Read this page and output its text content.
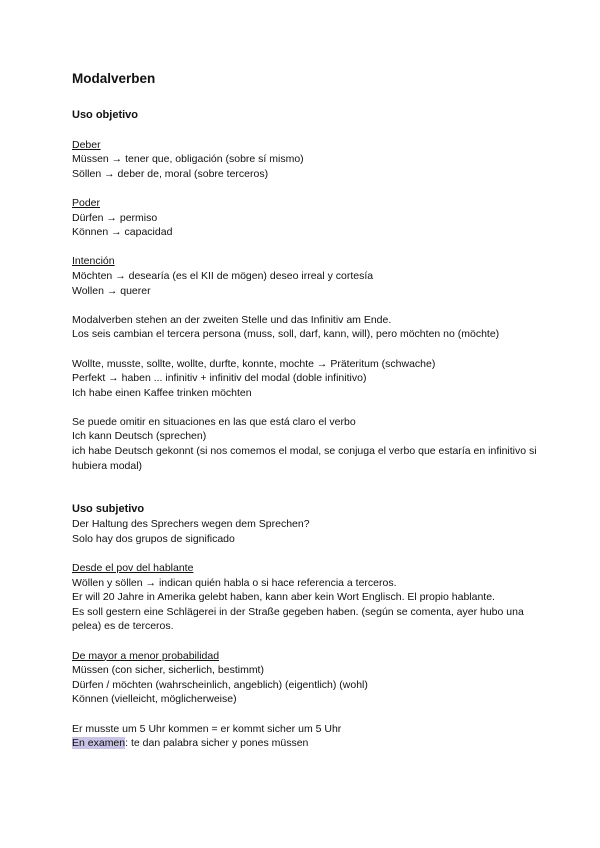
Modalverben
Uso objetivo
Deber
Müssen → tener que, obligación (sobre sí mismo)
Söllen → deber de, moral (sobre terceros)
Poder
Dürfen → permiso
Können → capacidad
Intención
Möchten → desearía (es el KII de mögen) deseo irreal y cortesía
Wollen → querer
Modalverben stehen an der zweiten Stelle und das Infinitiv am Ende.
Los seis cambian el tercera persona (muss, soll, darf, kann, will), pero möchten no (möchte)
Wollte, musste, sollte, wollte, durfte, konnte, mochte → Präteritum (schwache)
Perfekt → haben ... infinitiv + infinitiv del modal (doble infinitivo)
Ich habe einen Kaffee trinken möchten
Se puede omitir en situaciones en las que está claro el verbo
Ich kann Deutsch (sprechen)
ich habe Deutsch gekonnt (si nos comemos el modal, se conjuga el verbo que estaría en infinitivo si hubiera modal)
Uso subjetivo
Der Haltung des Sprechers wegen dem Sprechen?
Solo hay dos grupos de significado
Desde el pov del hablante
Wöllen y söllen → indican quién habla o si hace referencia a terceros.
Er will 20 Jahre in Amerika gelebt haben, kann aber kein Wort Englisch. El propio hablante.
Es soll gestern eine Schlägerei in der Straße gegeben haben. (según se comenta, ayer hubo una pelea) es de terceros.
De mayor a menor probabilidad
Müssen (con sicher, sicherlich, bestimmt)
Dürfen / möchten (wahrscheinlich, angeblich) (eigentlich) (wohl)
Können (vielleicht, möglicherweise)
Er musste um 5 Uhr kommen = er kommt sicher um 5 Uhr
En examen: te dan palabra sicher y pones müssen
